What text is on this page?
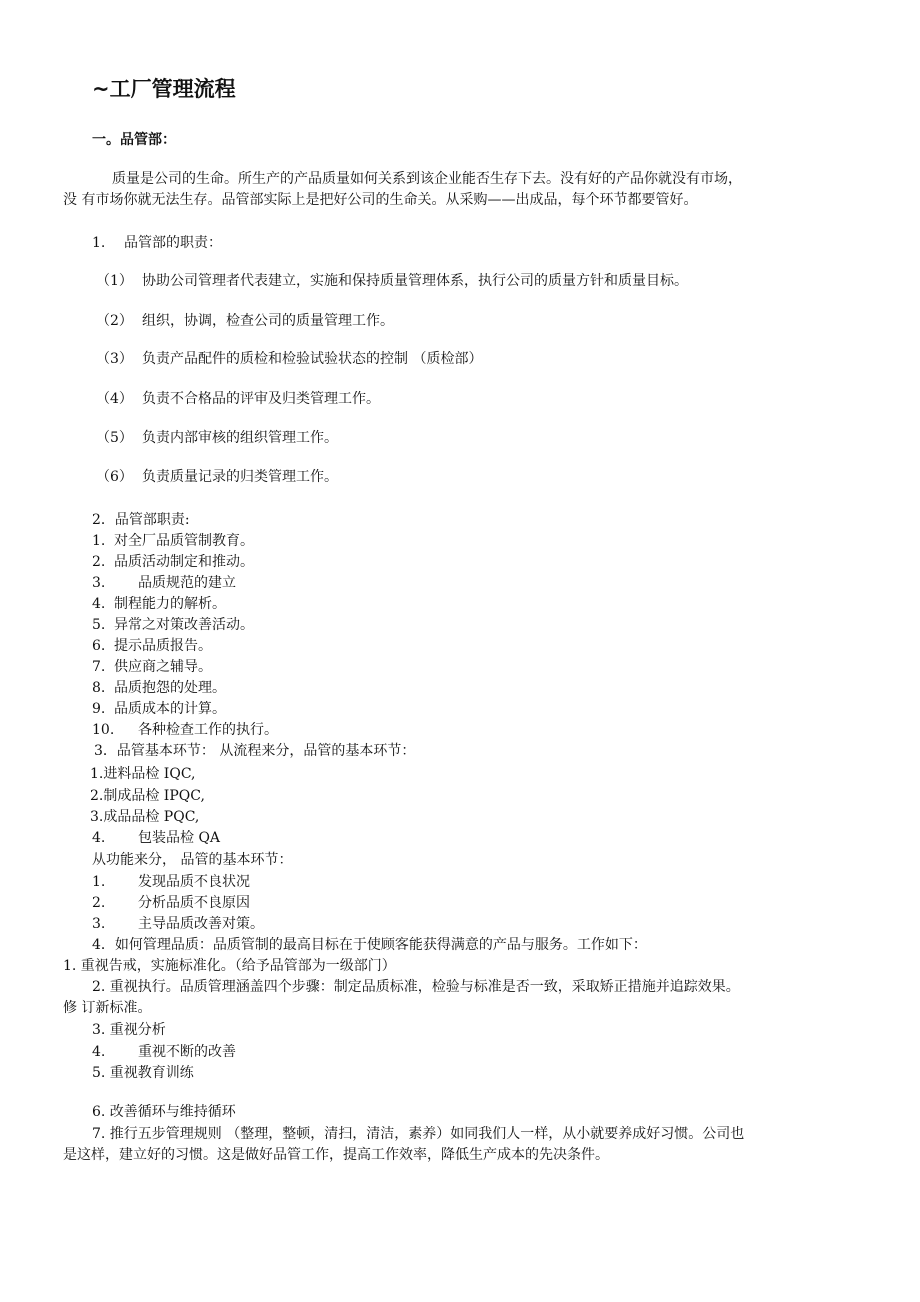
~工厂管理流程
一。品管部：
质量是公司的生命。所生产的产品质量如何关系到该企业能否生存下去。没有好的产品你就没有市场，
没 有市场你就无法生存。品管部实际上是把好公司的生命关。从采购——出成品，每个环节都要管好。
1. 品管部的职责：
（1） 协助公司管理者代表建立，实施和保持质量管理体系，执行公司的质量方针和质量目标。
（2） 组织，协调，检查公司的质量管理工作。
（3） 负责产品配件的质检和检验试验状态的控制 （质检部）
（4） 负责不合格品的评审及归类管理工作。
（5） 负责内部审核的组织管理工作。
（6） 负责质量记录的归类管理工作。
2．品管部职责:
1. 对全厂品质管制教育。
2. 品质活动制定和推动。
3. 品质规范的建立
4. 制程能力的解析。
5. 异常之对策改善活动。
6. 提示品质报告。
7. 供应商之辅导。
8. 品质抱怨的处理。
9. 品质成本的计算。
10. 各种检查工作的执行。
3．品管基本环节： 从流程来分，品管的基本环节：
1.进料品检 IQC,
2.制成品检 IPQC,
3.成品品检 PQC,
4. 包装品检 QA
从功能来分， 品管的基本环节：
1. 发现品质不良状况
2. 分析品质不良原因
3. 主导品质改善对策。
4．如何管理品质：品质管制的最高目标在于使顾客能获得满意的产品与服务。工作如下：
1. 重视告戒，实施标准化。（给予品管部为一级部门）
2. 重视执行。品质管理涵盖四个步骤：制定品质标准，检验与标准是否一致，采取矫正措施并追踪效果。
修 订新标准。
3. 重视分析
4. 重视不断的改善
5. 重视教育训练
6. 改善循环与维持循环
7. 推行五步管理规则 （整理，整顿，清扫，清洁，素养）如同我们人一样，从小就要养成好习惯。公司也
是这样，建立好的习惯。这是做好品管工作，提高工作效率，降低生产成本的先决条件。
